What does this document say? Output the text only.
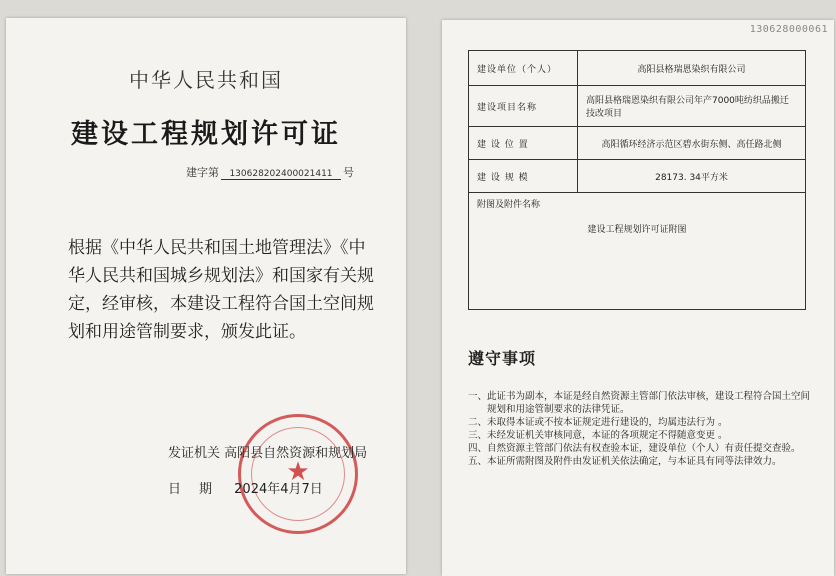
中华人民共和国
建设工程规划许可证
建字第 130628202400021411 号
根据《中华人民共和国土地管理法》《中华人民共和国城乡规划法》和国家有关规定，经审核，本建设工程符合国土空间规划和用途管制要求，颁发此证。
★
发证机关 高阳县自然资源和规划局
日期 2024年4月7日
130628000061
建设单位（个人）	高阳县格瑞恩染织有限公司
建设项目名称	高阳县格瑞恩染织有限公司年产7000吨纺织品搬迁技改项目
建 设 位 置	高阳循环经济示范区碧水街东侧、高任路北侧
建 设 规 模	28173. 34平方米

附图及附件名称
建设工程规划许可证附图	
遵守事项
一、 此证书为副本，本证是经自然资源主管部门依法审核，建设工程符合国土空间规划和用途管制要求的法律凭证。
二、 未取得本证或不按本证规定进行建设的，均属违法行为 。
三、 未经发证机关审核同意，本证的各项规定不得随意变更 。
四、 自然资源主管部门依法有权查验本证，建设单位（个人）有责任提交查验。
五、 本证所需附图及附件由发证机关依法确定，与本证具有同等法律效力。
